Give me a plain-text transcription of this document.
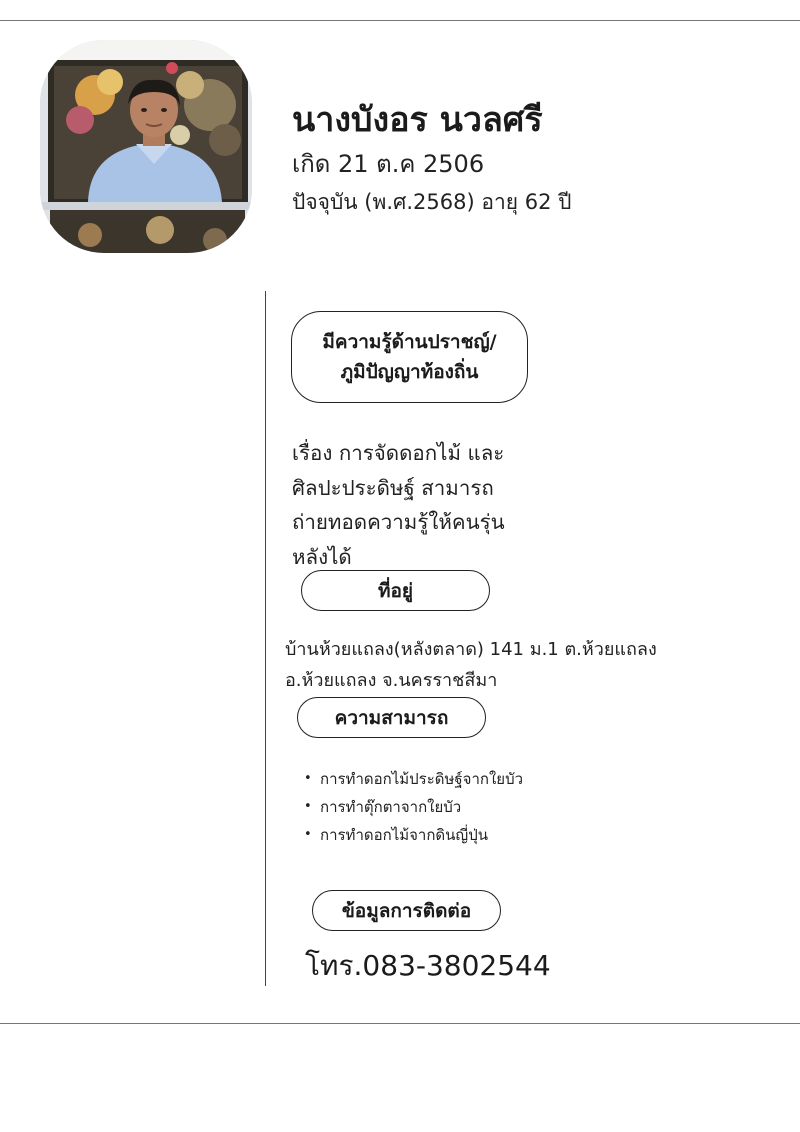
นางบังอร นวลศรี
เกิด 21 ต.ค 2506
ปัจจุบัน (พ.ศ.2568) อายุ 62 ปี
มีความรู้ด้านปราชญ์/
ภูมิปัญญาท้องถิ่น
เรื่อง การจัดดอกไม้ และ
ศิลปะประดิษฐ์ สามารถ
ถ่ายทอดความรู้ให้คนรุ่น
หลังได้
ที่อยู่
บ้านห้วยแถลง(หลังตลาด) 141 ม.1 ต.ห้วยแถลง
อ.ห้วยแถลง จ.นครราชสีมา
ความสามารถ
• การทำดอกไม้ประดิษฐ์จากใยบัว
• การทำตุ๊กตาจากใยบัว
• การทำดอกไม้จากดินญี่ปุ่น
ข้อมูลการติดต่อ
โทร.083-3802544
